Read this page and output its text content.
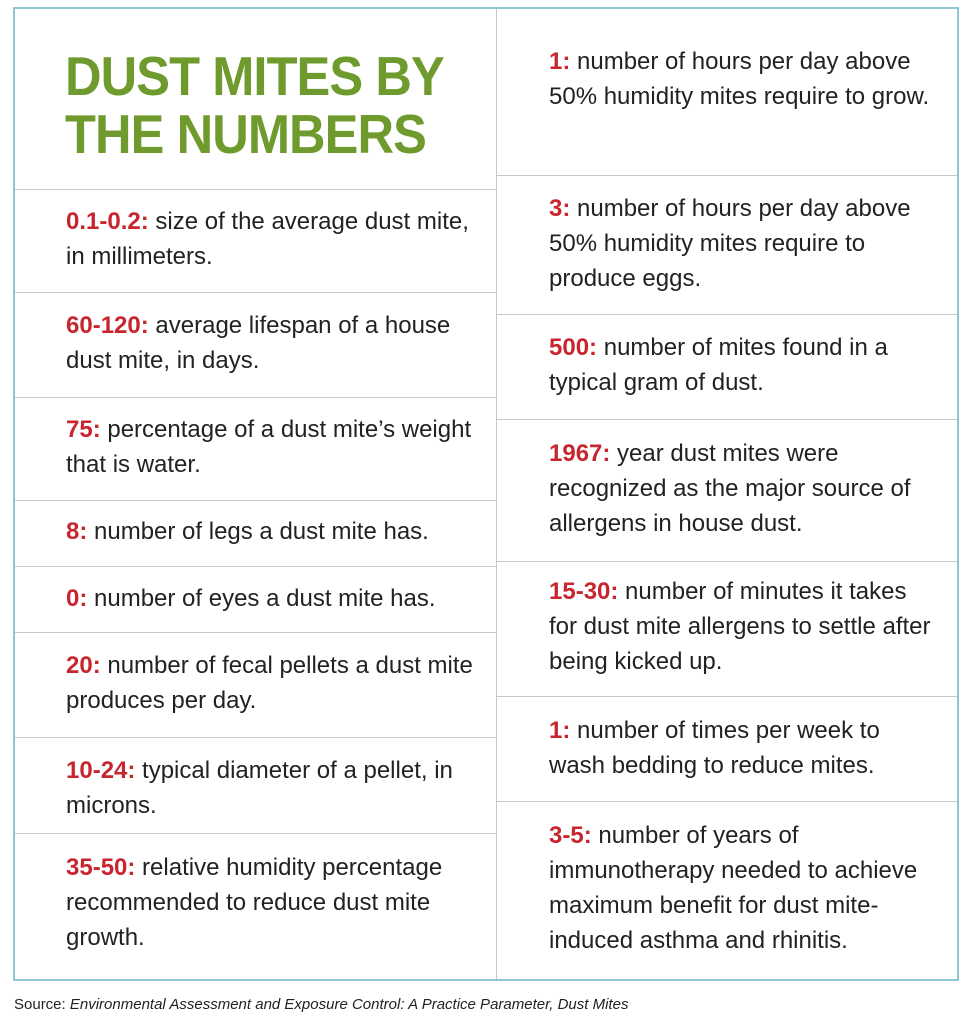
DUST MITES BY
THE NUMBERS

0.1-0.2: size of the average dust mite, in millimeters.

60-120: average lifespan of a house dust mite, in days.

75: percentage of a dust mite’s weight that is water.

8: number of legs a dust mite has.

0: number of eyes a dust mite has.

20: number of fecal pellets a dust mite produces per day.

10-24: typical diameter of a pellet, in microns.

35-50: relative humidity percentage recommended to reduce dust mite growth.

1: number of hours per day above 50% humidity mites require to grow.

3: number of hours per day above 50% humidity mites require to produce eggs.

500: number of mites found in a typical gram of dust.

1967: year dust mites were recognized as the major source of allergens in house dust.

15-30: number of minutes it takes for dust mite allergens to settle after being kicked up.

1: number of times per week to wash bedding to reduce mites.

3-5: number of years of immunotherapy needed to achieve maximum benefit for dust mite-induced asthma and rhinitis.

Source: Environmental Assessment and Exposure Control: A Practice Parameter, Dust Mites
